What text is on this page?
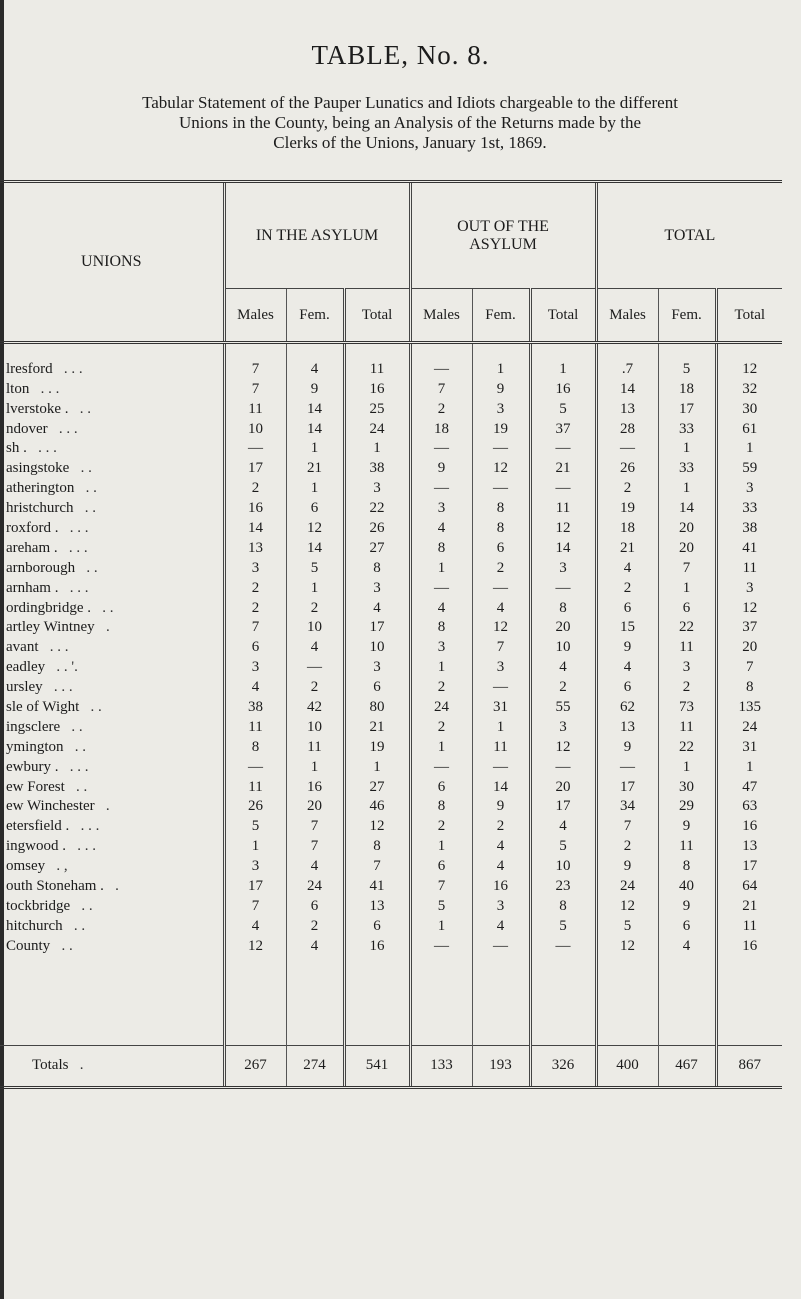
TABLE, No. 8.
Tabular Statement of the Pauper Lunatics and Idiots chargeable to the different
Unions in the County, being an Analysis of the Returns made by the
Clerks of the Unions, January 1st, 1869.
UNIONS	IN THE ASYLUM			OUT OF THE
ASYLUM			TOTAL		
	Males	Fem.	Total	Males	Fem.	Total	Males	Fem.	Total

lresford . . .	7	4	11	—	1	1	.7	5	12
lton . . .	7	9	16	7	9	16	14	18	32
lverstoke . . .	11	14	25	2	3	5	13	17	30
ndover . . .	10	14	24	18	19	37	28	33	61
sh . . . .	—	1	1	—	—	—	—	1	1
asingstoke . .	17	21	38	9	12	21	26	33	59
atherington . .	2	1	3	—	—	—	2	1	3
hristchurch . .	16	6	22	3	8	11	19	14	33
roxford . . . .	14	12	26	4	8	12	18	20	38
areham . . . .	13	14	27	8	6	14	21	20	41
arnborough . .	3	5	8	1	2	3	4	7	11
arnham . . . .	2	1	3	—	—	—	2	1	3
ordingbridge . . .	2	2	4	4	4	8	6	6	12
artley Wintney .	7	10	17	8	12	20	15	22	37
avant . . .	6	4	10	3	7	10	9	11	20
eadley . . '.	3	—	3	1	3	4	4	3	7
ursley . . .	4	2	6	2	—	2	6	2	8
sle of Wight . .	38	42	80	24	31	55	62	73	135
ingsclere . .	11	10	21	2	1	3	13	11	24
ymington . .	8	11	19	1	11	12	9	22	31
ewbury . . . .	—	1	1	—	—	—	—	1	1
ew Forest . .	11	16	27	6	14	20	17	30	47
ew Winchester .	26	20	46	8	9	17	34	29	63
etersfield . . . .	5	7	12	2	2	4	7	9	16
ingwood . . . .	1	7	8	1	4	5	2	11	13
omsey . ,	3	4	7	6	4	10	9	8	17
outh Stoneham . .	17	24	41	7	16	23	24	40	64
tockbridge . .	7	6	13	5	3	8	12	9	21
hitchurch . .	4	2	6	1	4	5	5	6	11
County . .	12	4	16	—	—	—	12	4	16

Totals .	267	274	541	133	193	326	400	467	867
